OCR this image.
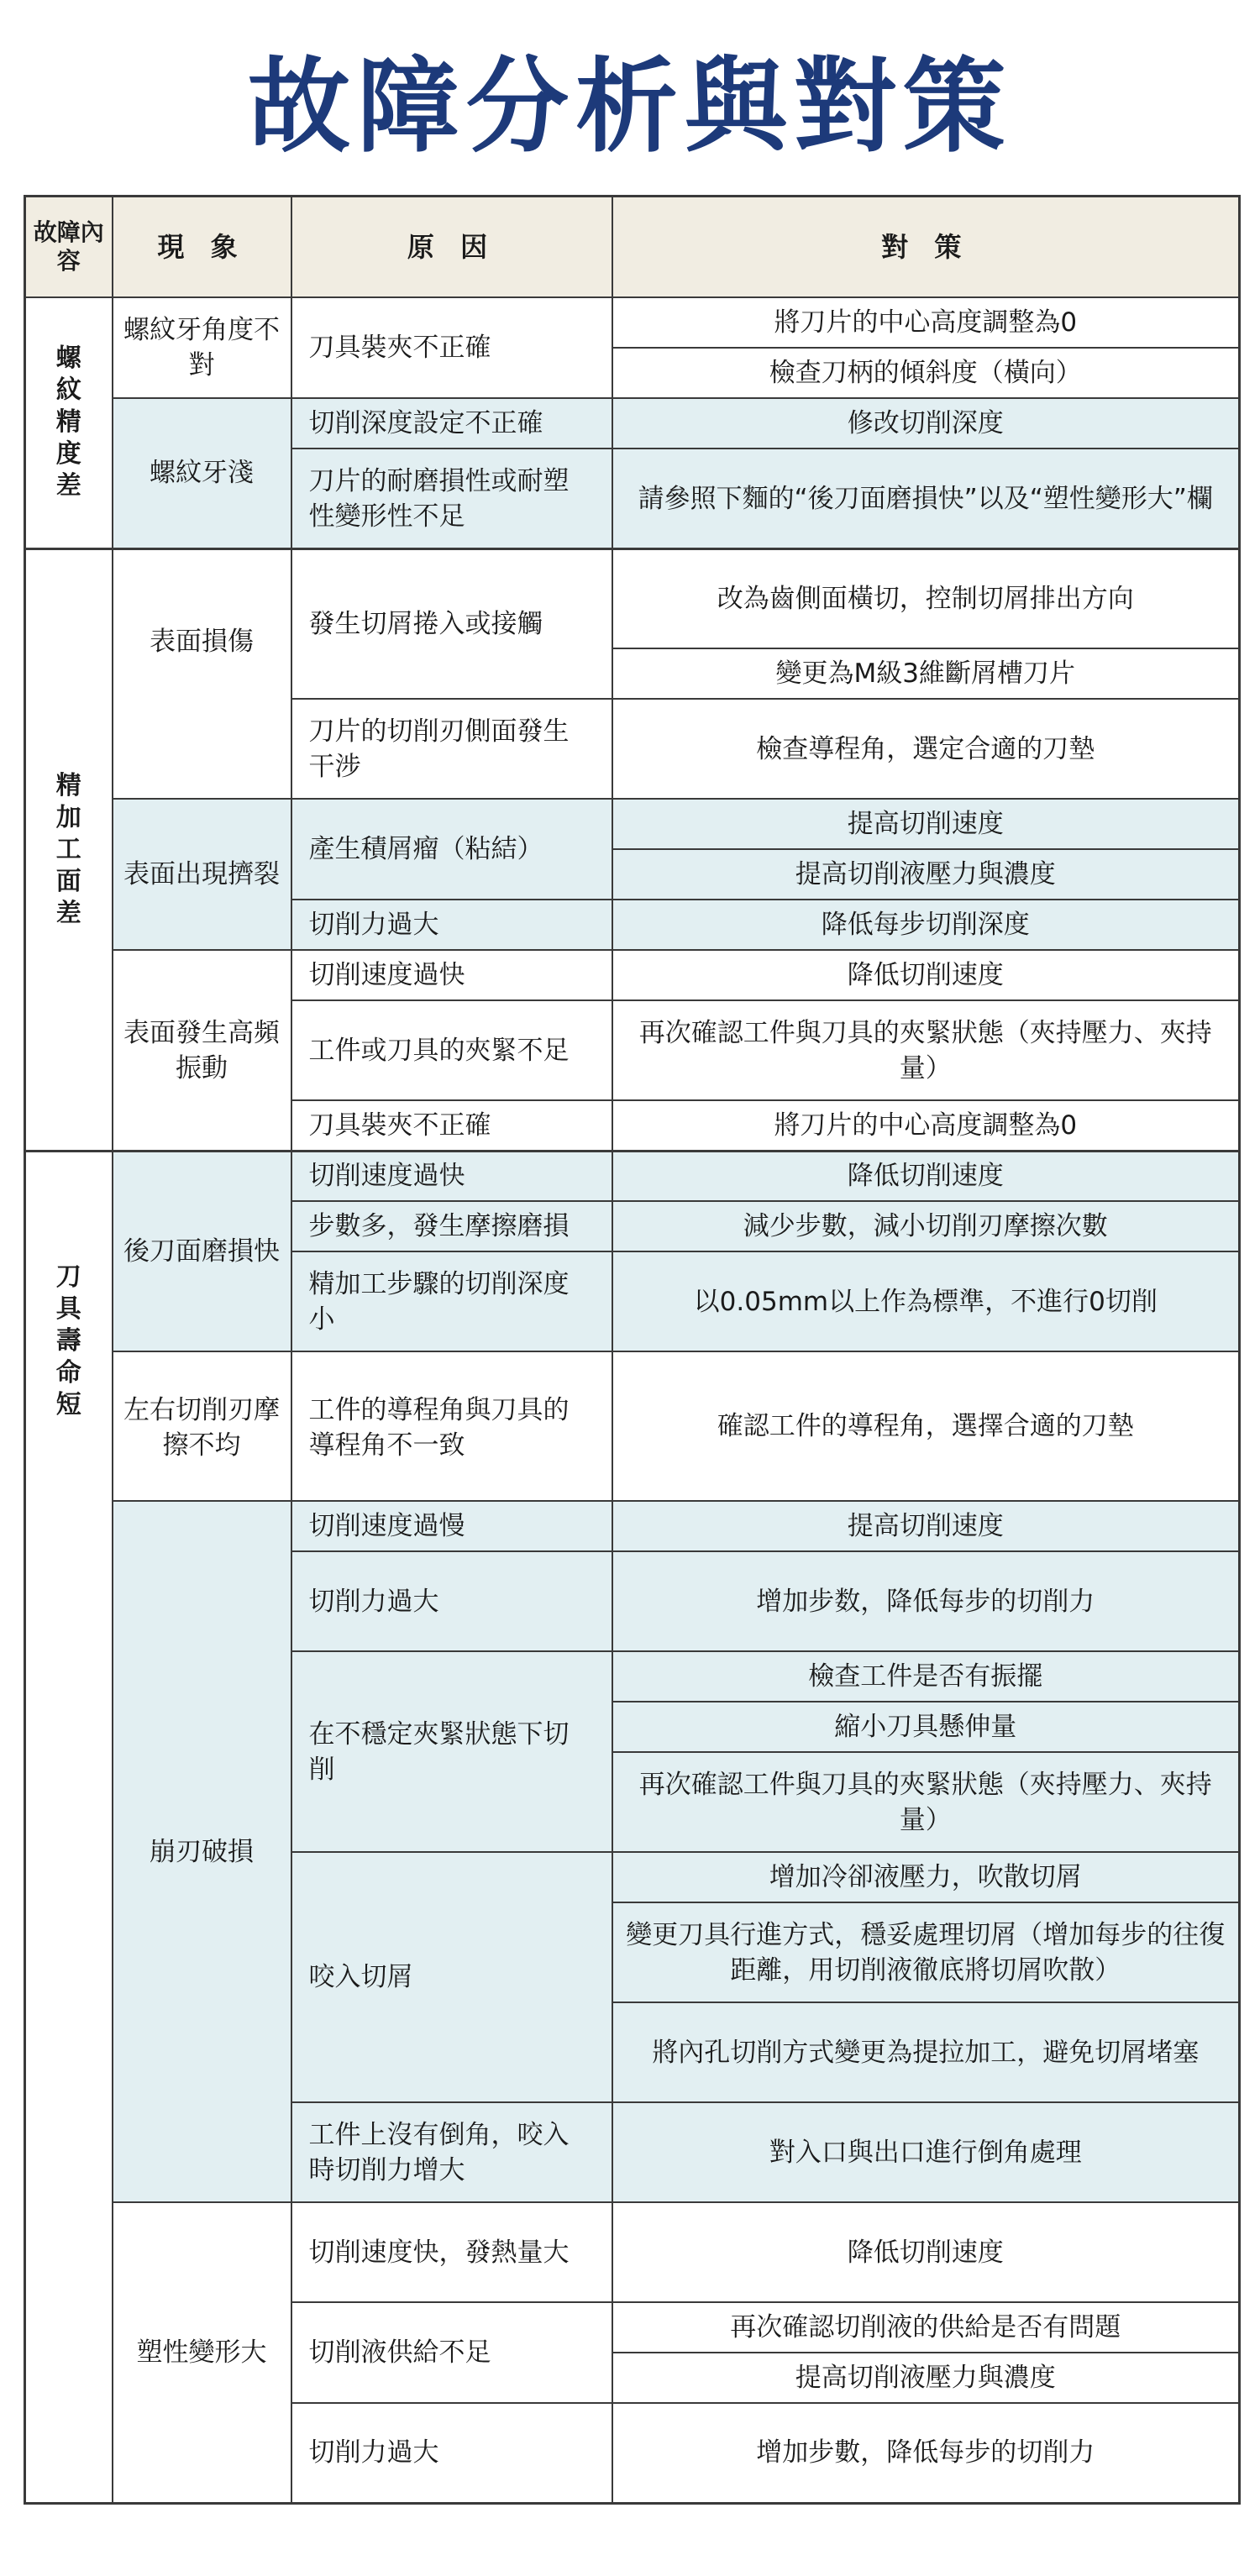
故障分析與對策
故障內容	現 象	原 因	對 策
螺紋精度差	螺紋牙角度不對	刀具裝夾不正確	將刀片的中心高度調整為0
			檢查刀柄的傾斜度（橫向）
	螺紋牙淺	切削深度設定不正確	修改切削深度
		刀片的耐磨損性或耐塑性變形性不足	請參照下麵的“後刀面磨損快”以及“塑性變形大”欄

精加工面差	表面損傷	發生切屑捲入或接觸	改為齒側面橫切，控制切屑排出方向
			變更為M級3維斷屑槽刀片
		刀片的切削刃側面發生干涉	檢查導程角，選定合適的刀墊
	表面出現擠裂	產生積屑瘤（粘結）	提高切削速度
			提高切削液壓力與濃度
		切削力過大	降低每步切削深度
	表面發生高頻振動	切削速度過快	降低切削速度
		工件或刀具的夾緊不足	再次確認工件與刀具的夾緊狀態（夾持壓力、夾持量）
		刀具裝夾不正確	將刀片的中心高度調整為0

刀具壽命短	後刀面磨損快	切削速度過快	降低切削速度
		步數多，發生摩擦磨損	減少步數，減小切削刃摩擦次數
		精加工步驟的切削深度小	以0.05mm以上作為標準，不進行0切削
	左右切削刃摩擦不均	工件的導程角與刀具的導程角不一致	確認工件的導程角，選擇合適的刀墊
	崩刃破損	切削速度過慢	提高切削速度
		切削力過大	增加步数，降低每步的切削力
		在不穩定夾緊狀態下切削	檢查工件是否有振擺
			縮小刀具懸伸量
			再次確認工件與刀具的夾緊狀態（夾持壓力、夾持量）
		咬入切屑	增加冷卻液壓力，吹散切屑
			變更刀具行進方式，穩妥處理切屑（增加每步的往復距離，用切削液徹底將切屑吹散）
			將內孔切削方式變更為提拉加工，避免切屑堵塞
		工件上沒有倒角，咬入時切削力增大	對入口與出口進行倒角處理

	塑性變形大	切削速度快，發熱量大	降低切削速度
		切削液供給不足	再次確認切削液的供給是否有問題
			提高切削液壓力與濃度
		切削力過大	增加步數，降低每步的切削力
